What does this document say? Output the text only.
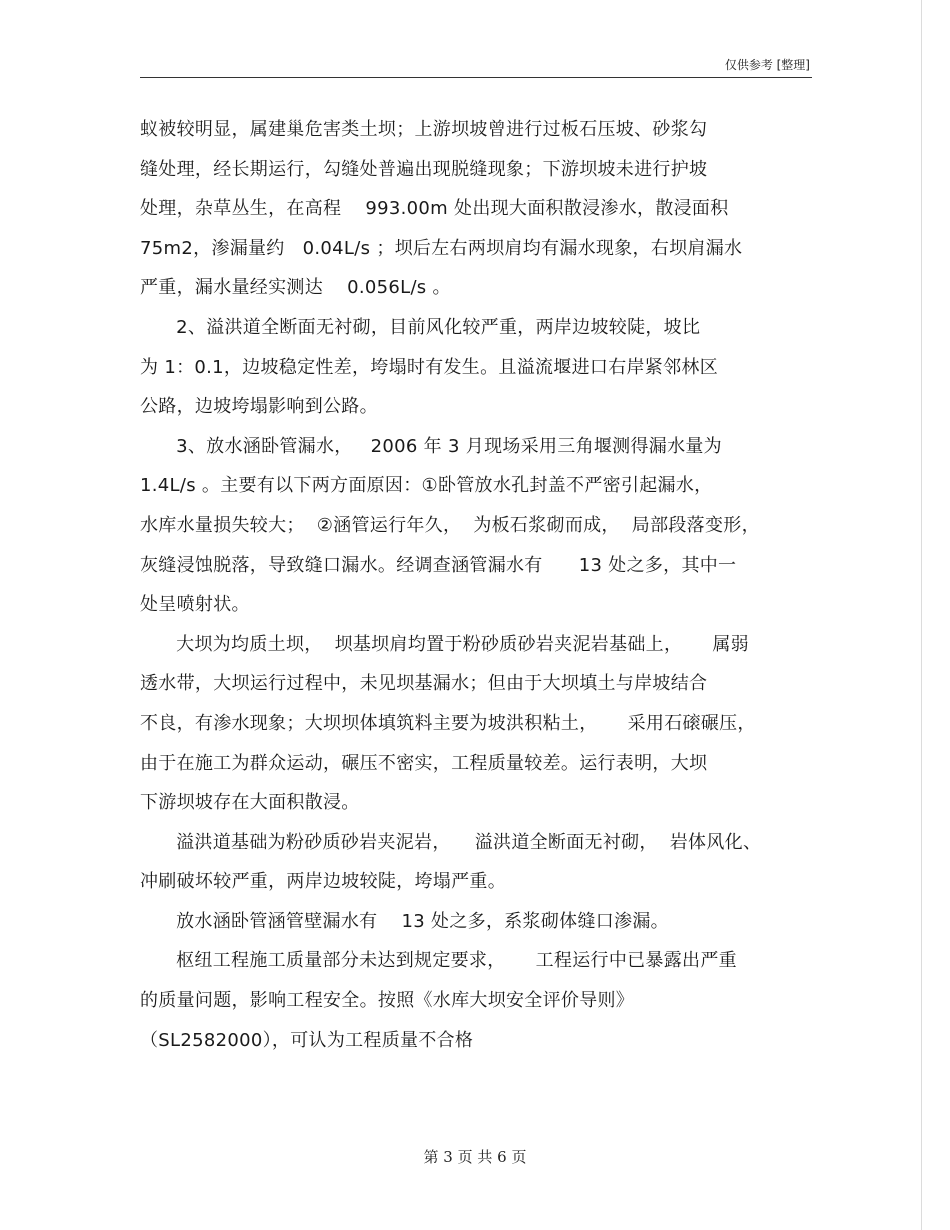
仅供参考 [整理]
蚁被较明显，属建巢危害类土坝；上游坝坡曾进行过板石压坡、砂浆勾
缝处理，经长期运行，勾缝处普遍出现脱缝现象；下游坝坡未进行护坡
处理，杂草丛生，在高程    993.00m 处出现大面积散浸渗水，散浸面积
75m2，渗漏量约   0.04L/s ；坝后左右两坝肩均有漏水现象，右坝肩漏水
严重，漏水量经实测达    0.056L/s 。
2、溢洪道全断面无衬砌，目前风化较严重，两岸边坡较陡，坡比
为 1：0.1，边坡稳定性差，垮塌时有发生。且溢流堰进口右岸紧邻林区
公路，边坡垮塌影响到公路。
3、放水涵卧管漏水，   2006 年 3 月现场采用三角堰测得漏水量为
1.4L/s 。主要有以下两方面原因：①卧管放水孔封盖不严密引起漏水，
水库水量损失较大；  ②涵管运行年久，  为板石浆砌而成，  局部段落变形，
灰缝浸蚀脱落，导致缝口漏水。经调查涵管漏水有      13 处之多，其中一
处呈喷射状。
大坝为均质土坝，  坝基坝肩均置于粉砂质砂岩夹泥岩基础上，     属弱
透水带，大坝运行过程中，未见坝基漏水；但由于大坝填土与岸坡结合
不良，有渗水现象；大坝坝体填筑料主要为坡洪积粘土，     采用石磙碾压，
由于在施工为群众运动，碾压不密实，工程质量较差。运行表明，大坝
下游坝坡存在大面积散浸。
溢洪道基础为粉砂质砂岩夹泥岩，    溢洪道全断面无衬砌，  岩体风化、
冲刷破坏较严重，两岸边坡较陡，垮塌严重。
放水涵卧管涵管壁漏水有    13 处之多，系浆砌体缝口渗漏。
枢纽工程施工质量部分未达到规定要求，     工程运行中已暴露出严重
的质量问题，影响工程安全。按照《水库大坝安全评价导则》
（SL2582000），可认为工程质量不合格
第 3 页 共 6 页
